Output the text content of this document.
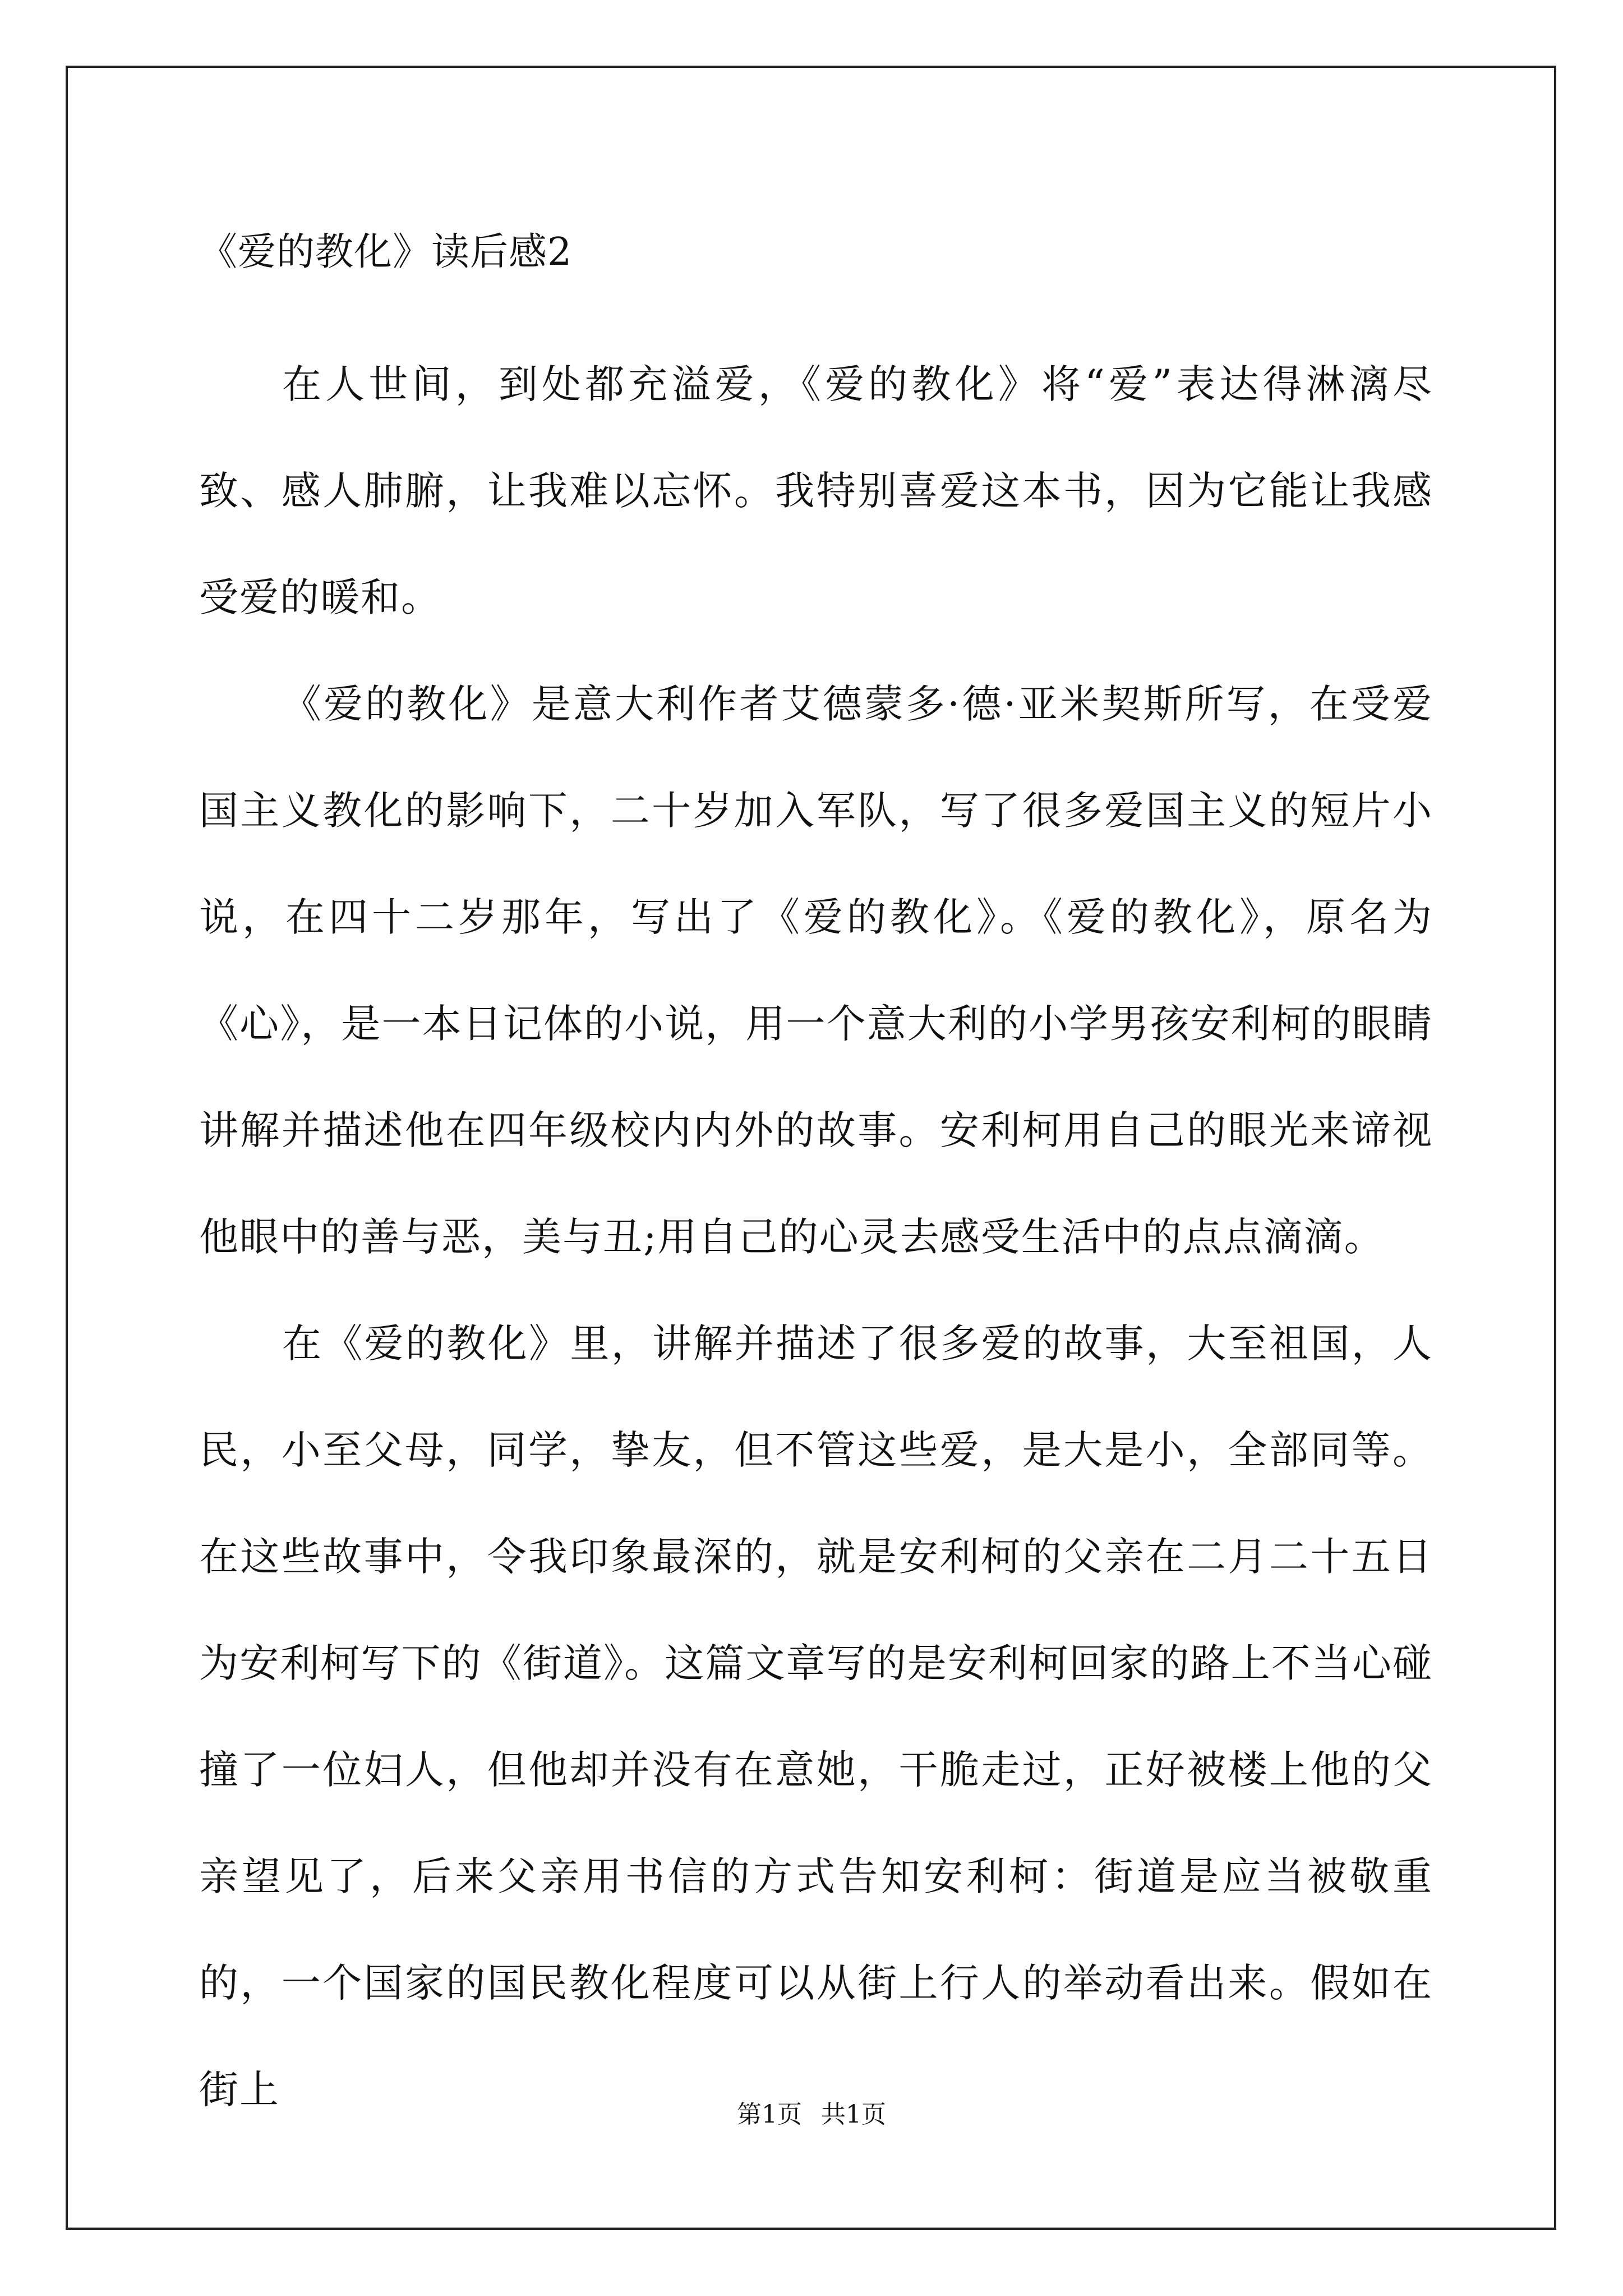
《爱的教化》读后感2

在人世间，到处都充溢爱，《爱的教化》将“爱”表达得淋漓尽致、感人肺腑，让我难以忘怀。我特别喜爱这本书，因为它能让我感受爱的暖和。

《爱的教化》是意大利作者艾德蒙多·德·亚米契斯所写，在受爱国主义教化的影响下，二十岁加入军队，写了很多爱国主义的短片小说，在四十二岁那年，写出了《爱的教化》。《爱的教化》，原名为《心》，是一本日记体的小说，用一个意大利的小学男孩安利柯的眼睛讲解并描述他在四年级校内内外的故事。安利柯用自己的眼光来谛视他眼中的善与恶，美与丑;用自己的心灵去感受生活中的点点滴滴。

在《爱的教化》里，讲解并描述了很多爱的故事，大至祖国，人民，小至父母，同学，挚友，但不管这些爱，是大是小，全部同等。在这些故事中，令我印象最深的，就是安利柯的父亲在二月二十五日为安利柯写下的《街道》。这篇文章写的是安利柯回家的路上不当心碰撞了一位妇人，但他却并没有在意她，干脆走过，正好被楼上他的父亲望见了，后来父亲用书信的方式告知安利柯：街道是应当被敬重的，一个国家的国民教化程度可以从街上行人的举动看出来。假如在街上

第1页 共1页
